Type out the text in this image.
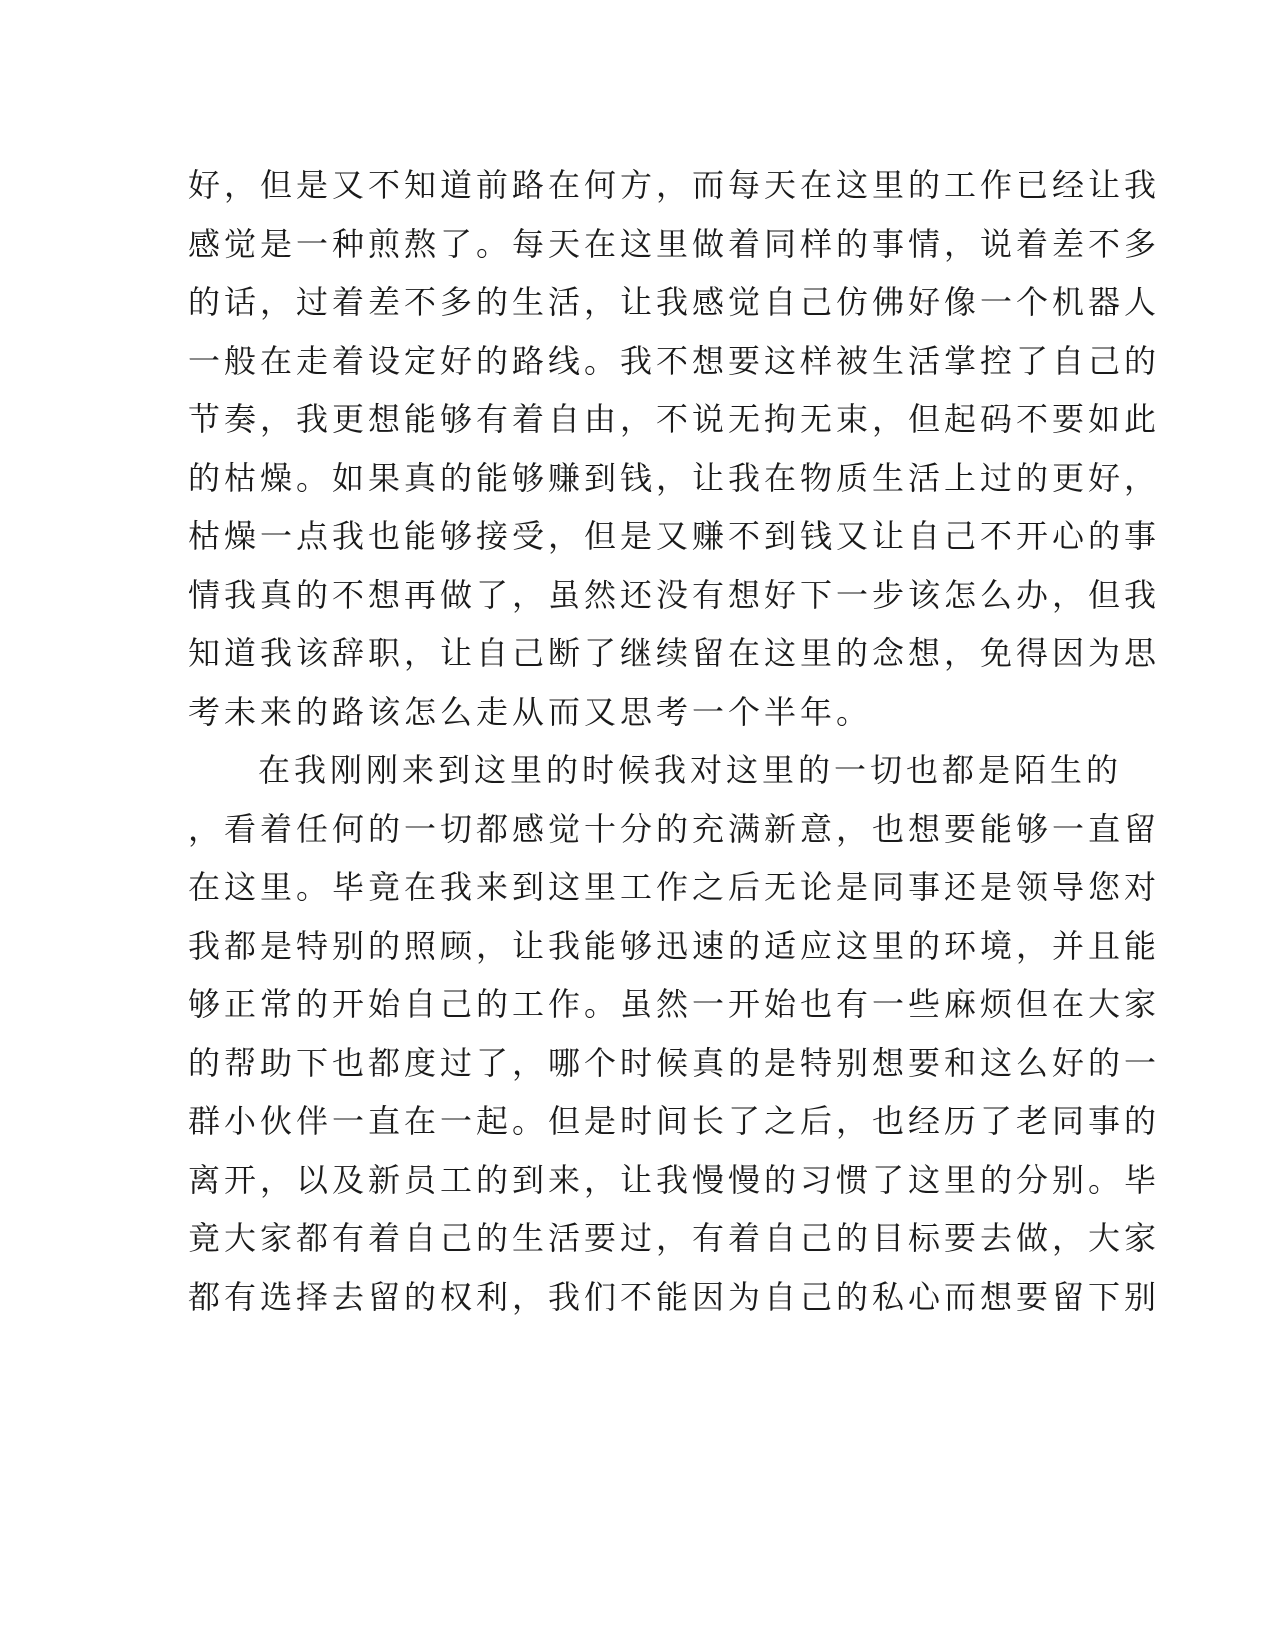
好，但是又不知道前路在何方，而每天在这里的工作已经让我
感觉是一种煎熬了。每天在这里做着同样的事情，说着差不多
的话，过着差不多的生活，让我感觉自己仿佛好像一个机器人
一般在走着设定好的路线。我不想要这样被生活掌控了自己的
节奏，我更想能够有着自由，不说无拘无束，但起码不要如此
的枯燥。如果真的能够赚到钱，让我在物质生活上过的更好，
枯燥一点我也能够接受，但是又赚不到钱又让自己不开心的事
情我真的不想再做了，虽然还没有想好下一步该怎么办，但我
知道我该辞职，让自己断了继续留在这里的念想，免得因为思
考未来的路该怎么走从而又思考一个半年。
在我刚刚来到这里的时候我对这里的一切也都是陌生的
，看着任何的一切都感觉十分的充满新意，也想要能够一直留
在这里。毕竟在我来到这里工作之后无论是同事还是领导您对
我都是特别的照顾，让我能够迅速的适应这里的环境，并且能
够正常的开始自己的工作。虽然一开始也有一些麻烦但在大家
的帮助下也都度过了，哪个时候真的是特别想要和这么好的一
群小伙伴一直在一起。但是时间长了之后，也经历了老同事的
离开，以及新员工的到来，让我慢慢的习惯了这里的分别。毕
竟大家都有着自己的生活要过，有着自己的目标要去做，大家
都有选择去留的权利，我们不能因为自己的私心而想要留下别
